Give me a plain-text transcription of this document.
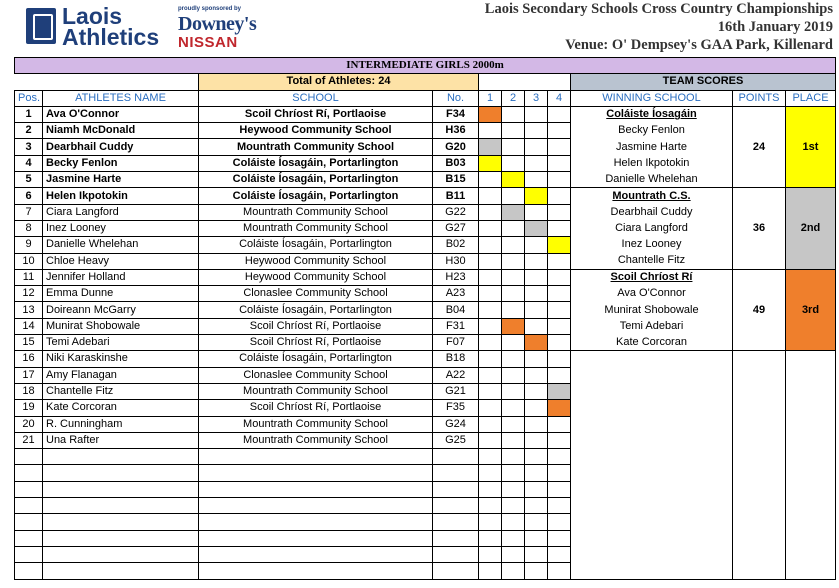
Laois
Athletics
proudly sponsored by
Downey's
NISSAN
Laois Secondary Schools Cross Country Championships
16th January 2019
Venue: O' Dempsey's GAA Park, Killenard
INTERMEDIATE GIRLS 2000m										
		Total of Athletes: 24						TEAM SCORES		
Pos.	ATHLETES NAME	SCHOOL	No.	1	2	3	4	WINNING SCHOOL	POINTS	PLACE
1	Ava O'Connor	Scoil Chríost Rí, Portlaoise	F34					Coláiste Íosagáin	24	1st
2	Niamh McDonald	Heywood Community School	H36					Becky Fenlon		
3	Dearbhail Cuddy	Mountrath Community School	G20					Jasmine Harte		
4	Becky Fenlon	Coláiste Íosagáin, Portarlington	B03					Helen Ikpotokin		
5	Jasmine Harte	Coláiste Íosagáin, Portarlington	B15					Danielle Whelehan		
6	Helen Ikpotokin	Coláiste Íosagáin, Portarlington	B11					Mountrath C.S.	36	2nd
7	Ciara Langford	Mountrath Community School	G22					Dearbhail Cuddy		
8	Inez Looney	Mountrath Community School	G27					Ciara Langford		
9	Danielle Whelehan	Coláiste Íosagáin, Portarlington	B02					Inez Looney		
10	Chloe Heavy	Heywood Community School	H30					Chantelle Fitz		
11	Jennifer Holland	Heywood Community School	H23					Scoil Chríost Rí	49	3rd
12	Emma Dunne	Clonaslee Community School	A23					Ava O'Connor		
13	Doireann McGarry	Coláiste Íosagáin, Portarlington	B04					Munirat Shobowale		
14	Munirat Shobowale	Scoil Chríost Rí, Portlaoise	F31					Temi Adebari		
15	Temi Adebari	Scoil Chríost Rí, Portlaoise	F07					Kate Corcoran		
16	Niki Karaskinshe	Coláiste Íosagáin, Portarlington	B18							
17	Amy Flanagan	Clonaslee Community School	A22							
18	Chantelle Fitz	Mountrath Community School	G21							
19	Kate Corcoran	Scoil Chríost Rí, Portlaoise	F35							
20	R. Cunningham	Mountrath Community School	G24							
21	Una Rafter	Mountrath Community School	G25							
